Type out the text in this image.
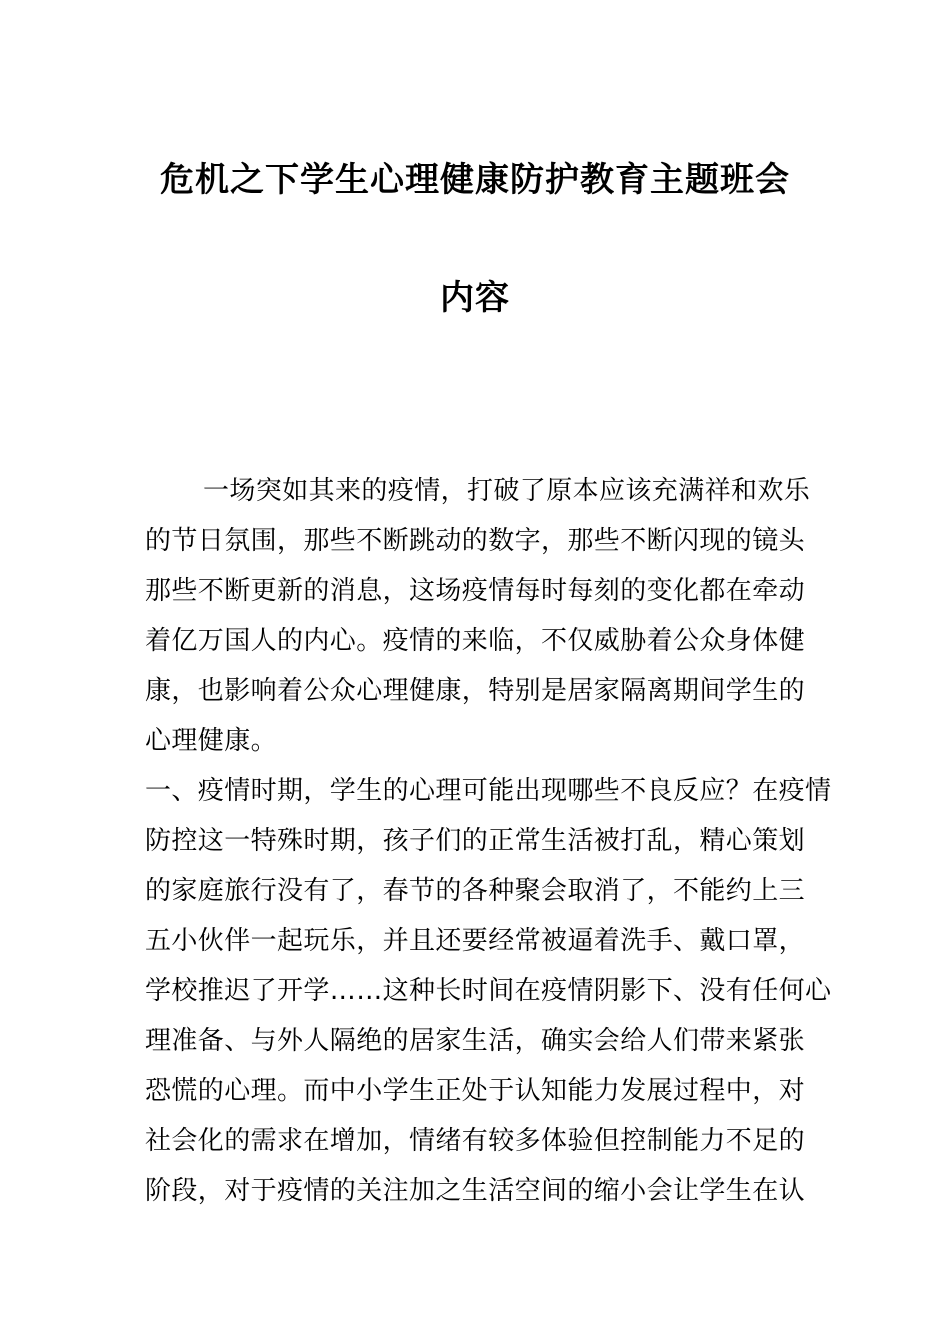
危机之下学生心理健康防护教育主题班会
内容
一场突如其来的疫情，打破了原本应该充满祥和欢乐
的节日氛围，那些不断跳动的数字，那些不断闪现的镜头
那些不断更新的消息，这场疫情每时每刻的变化都在牵动
着亿万国人的内心。疫情的来临，不仅威胁着公众身体健
康，也影响着公众心理健康，特别是居家隔离期间学生的
心理健康。
一、疫情时期，学生的心理可能出现哪些不良反应？在疫情
防控这一特殊时期，孩子们的正常生活被打乱，精心策划
的家庭旅行没有了，春节的各种聚会取消了，不能约上三
五小伙伴一起玩乐，并且还要经常被逼着洗手、戴口罩，
学校推迟了开学……这种长时间在疫情阴影下、没有任何心
理准备、与外人隔绝的居家生活，确实会给人们带来紧张
恐慌的心理。而中小学生正处于认知能力发展过程中，对
社会化的需求在增加，情绪有较多体验但控制能力不足的
阶段，对于疫情的关注加之生活空间的缩小会让学生在认
